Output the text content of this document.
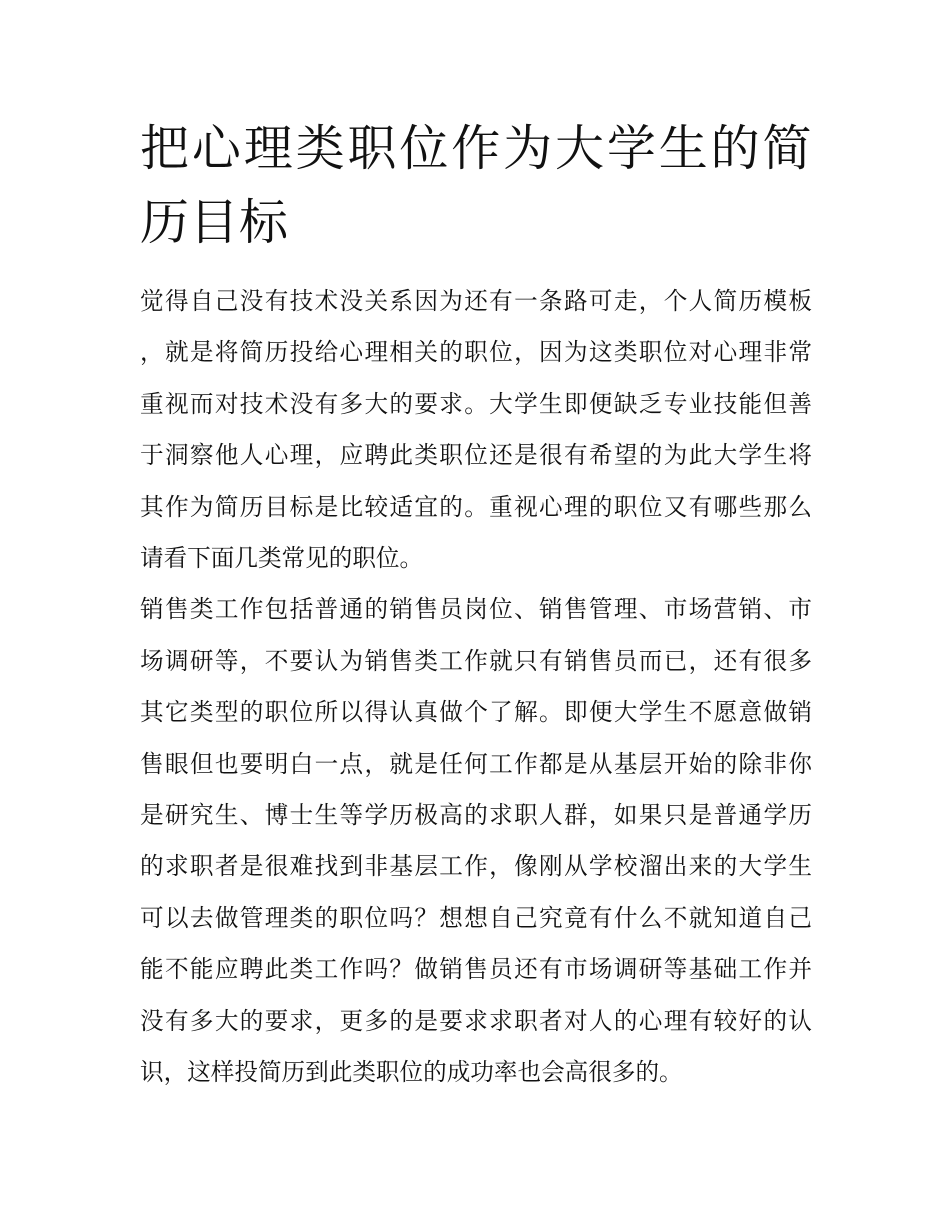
把心理类职位作为大学生的简
历目标

觉得自己没有技术没关系因为还有一条路可走，个人简历模板
，就是将简历投给心理相关的职位，因为这类职位对心理非常
重视而对技术没有多大的要求。大学生即便缺乏专业技能但善
于洞察他人心理，应聘此类职位还是很有希望的为此大学生将
其作为简历目标是比较适宜的。重视心理的职位又有哪些那么
请看下面几类常见的职位。

销售类工作包括普通的销售员岗位、销售管理、市场营销、市
场调研等，不要认为销售类工作就只有销售员而已，还有很多
其它类型的职位所以得认真做个了解。即便大学生不愿意做销
售眼但也要明白一点，就是任何工作都是从基层开始的除非你
是研究生、博士生等学历极高的求职人群，如果只是普通学历
的求职者是很难找到非基层工作，像刚从学校溜出来的大学生
可以去做管理类的职位吗？想想自己究竟有什么不就知道自己
能不能应聘此类工作吗？做销售员还有市场调研等基础工作并
没有多大的要求，更多的是要求求职者对人的心理有较好的认
识，这样投简历到此类职位的成功率也会高很多的。
